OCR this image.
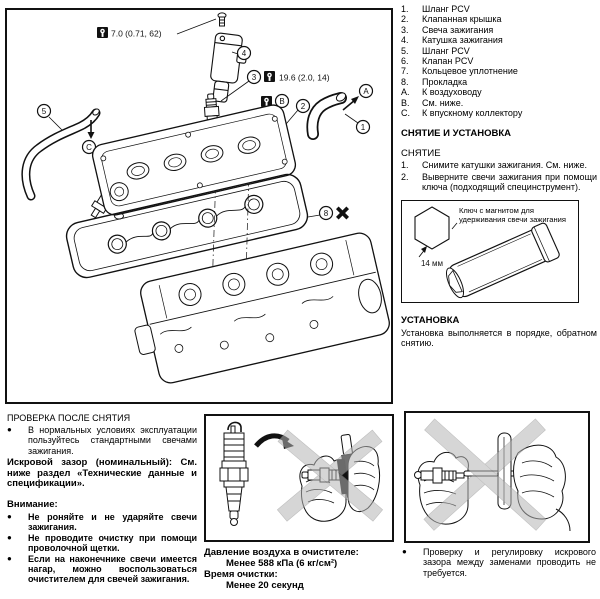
7.0 (0.71, 62)
4
3	19.6 (2.0, 14)
B
2
A
1
5
C
8
1.	Шланг PCV
2.	Клапанная крышка
3.	Свеча зажигания
4.	Катушка зажигания
5.	Шланг PCV
6.	Клапан PCV
7.	Кольцевое уплотнение
8.	Прокладка
A.	К воздуховоду
B.	См. ниже.
C.	К впускному коллектору
СНЯТИЕ И УСТАНОВКА
СНЯТИЕ
1.	Снимите катушки зажигания. См. ниже.
2.	Выверните свечи зажигания при помощи ключа (подходящий специнструмент).
14 мм
Ключ с магнитом для удерживания свечи зажигания
УСТАНОВКА
Установка выполняется в порядке, обратном снятию.
ПРОВЕРКА ПОСЛЕ СНЯТИЯ
●	В нормальных условиях эксплуатации пользуйтесь стандартными свечами зажигания.
Искровой зазор (номинальный): См. ниже раздел «Технические данные и спецификации».
Внимание:
●	Не роняйте и не ударяйте свечи зажигания.
●	Не проводите очистку при помощи проволочной щетки.
●	Если на наконечнике свечи имеется нагар, можно воспользоваться очистителем для свечей зажигания.
Давление воздуха в очистителе:
Менее 588 кПа (6 кг/см²)
Время очистки:
Менее 20 секунд
●	Проверку и регулировку искрового зазора между заменами проводить не требуется.
